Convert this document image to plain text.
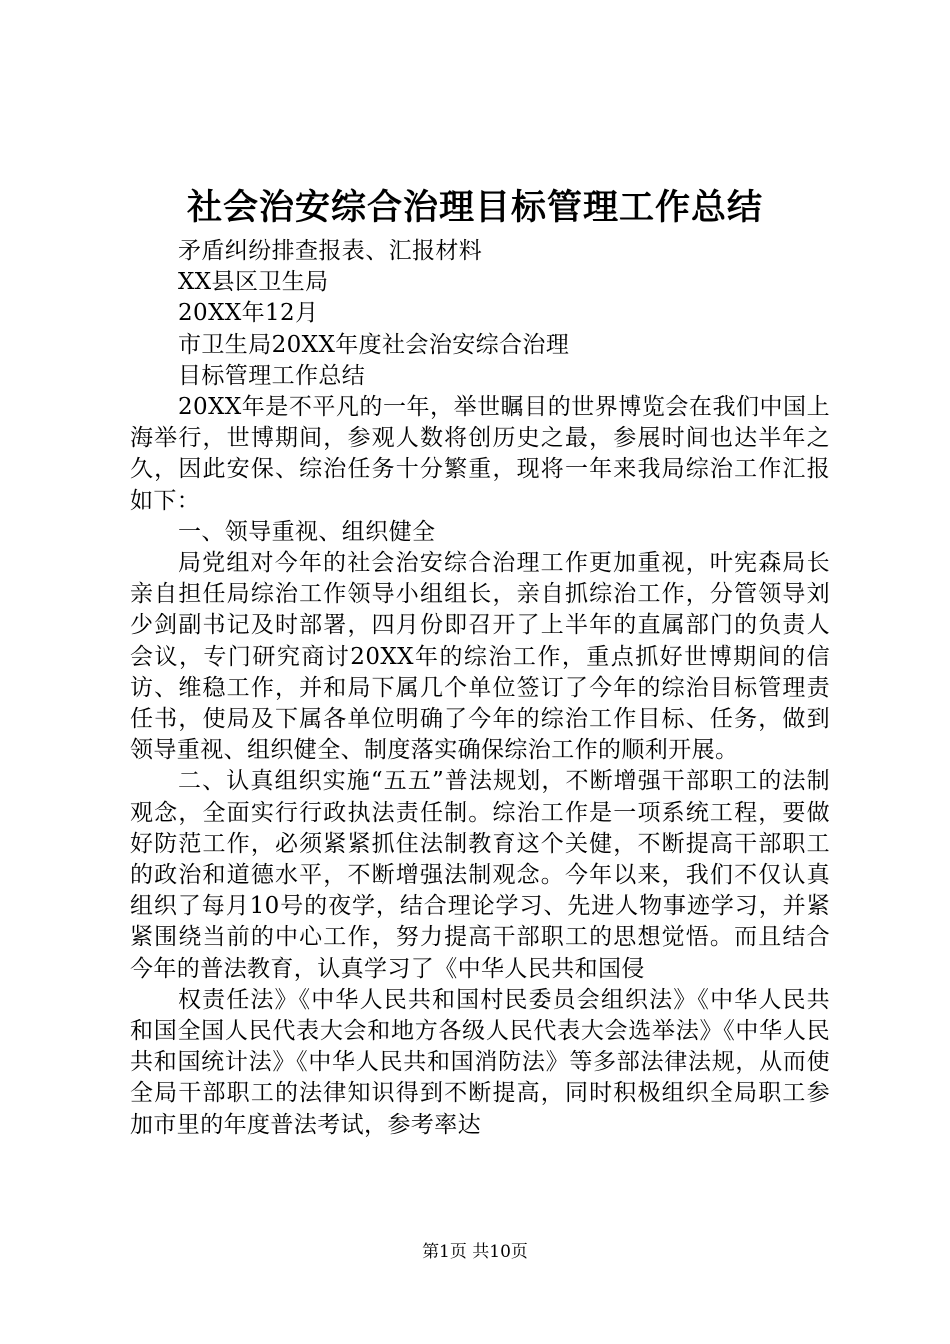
社会治安综合治理目标管理工作总结

矛盾纠纷排查报表、汇报材料

XX县区卫生局

20XX年12月

市卫生局20XX年度社会治安综合治理

目标管理工作总结

20XX年是不平凡的一年，举世瞩目的世界博览会在我们中国上海举行，世博期间，参观人数将创历史之最，参展时间也达半年之久，因此安保、综治任务十分繁重，现将一年来我局综治工作汇报如下：

一、领导重视、组织健全

局党组对今年的社会治安综合治理工作更加重视，叶宪森局长亲自担任局综治工作领导小组组长，亲自抓综治工作，分管领导刘少剑副书记及时部署，四月份即召开了上半年的直属部门的负责人会议，专门研究商讨20XX年的综治工作，重点抓好世博期间的信访、维稳工作，并和局下属几个单位签订了今年的综治目标管理责任书，使局及下属各单位明确了今年的综治工作目标、任务，做到领导重视、组织健全、制度落实确保综治工作的顺利开展。

二、认真组织实施“五五”普法规划，不断增强干部职工的法制观念，全面实行行政执法责任制。综治工作是一项系统工程，要做好防范工作，必须紧紧抓住法制教育这个关健，不断提高干部职工的政治和道德水平，不断增强法制观念。今年以来，我们不仅认真组织了每月10号的夜学，结合理论学习、先进人物事迹学习，并紧紧围绕当前的中心工作，努力提高干部职工的思想觉悟。而且结合今年的普法教育，认真学习了《中华人民共和国侵

权责任法》《中华人民共和国村民委员会组织法》《中华人民共和国全国人民代表大会和地方各级人民代表大会选举法》《中华人民共和国统计法》《中华人民共和国消防法》等多部法律法规，从而使全局干部职工的法律知识得到不断提高，同时积极组织全局职工参加市里的年度普法考试，参考率达

第1页 共10页
